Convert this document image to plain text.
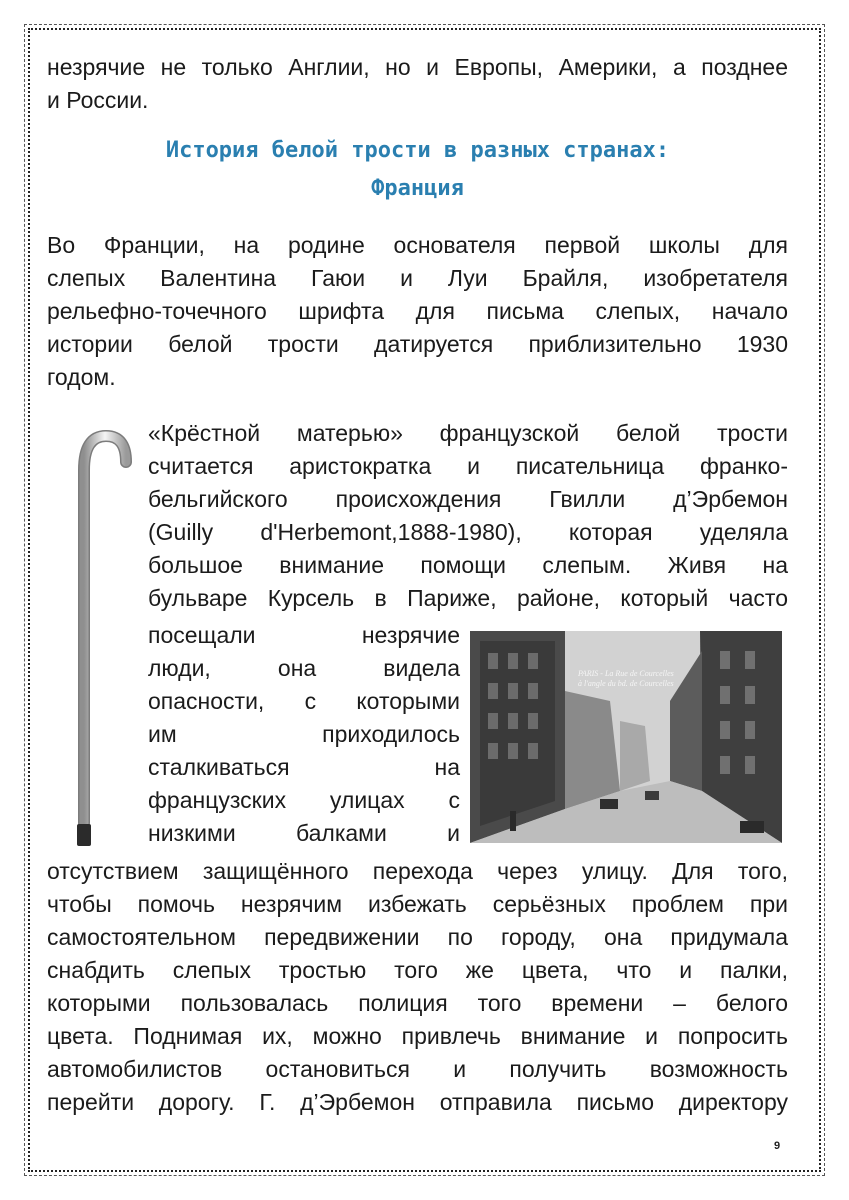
незрячие не только Англии, но и Европы, Америки, а позднее

и России.

История белой трости в разных странах:
Франция

Во Франции, на родине основателя первой школы для

слепых Валентина Гаюи и Луи Брайля, изобретателя

рельефно-точечного шрифта для письма слепых, начало

истории белой трости датируется приблизительно 1930

годом.

«Крёстной матерью» французской белой трости

считается аристократка и писательница франко-

бельгийского происхождения Гвилли д’Эрбемон

(Guilly d'Herbemont,1888-1980), которая уделяла

большое внимание помощи слепым. Живя на

бульваре Курсель в Париже, районе, который часто

посещали незрячие

люди, она видела

опасности, с которыми

им приходилось

сталкиваться на

французских улицах с

низкими балками и

PARIS - La Rue de Courcelles
à l'angle du bd. de Courcelles

отсутствием защищённого перехода через улицу. Для того,

чтобы помочь незрячим избежать серьёзных проблем при

самостоятельном передвижении по городу, она придумала

снабдить слепых тростью того же цвета, что и палки,

которыми пользовалась полиция того времени – белого

цвета. Поднимая их, можно привлечь внимание и попросить

автомобилистов остановиться и получить возможность

перейти дорогу. Г. д’Эрбемон отправила письмо директору

9
